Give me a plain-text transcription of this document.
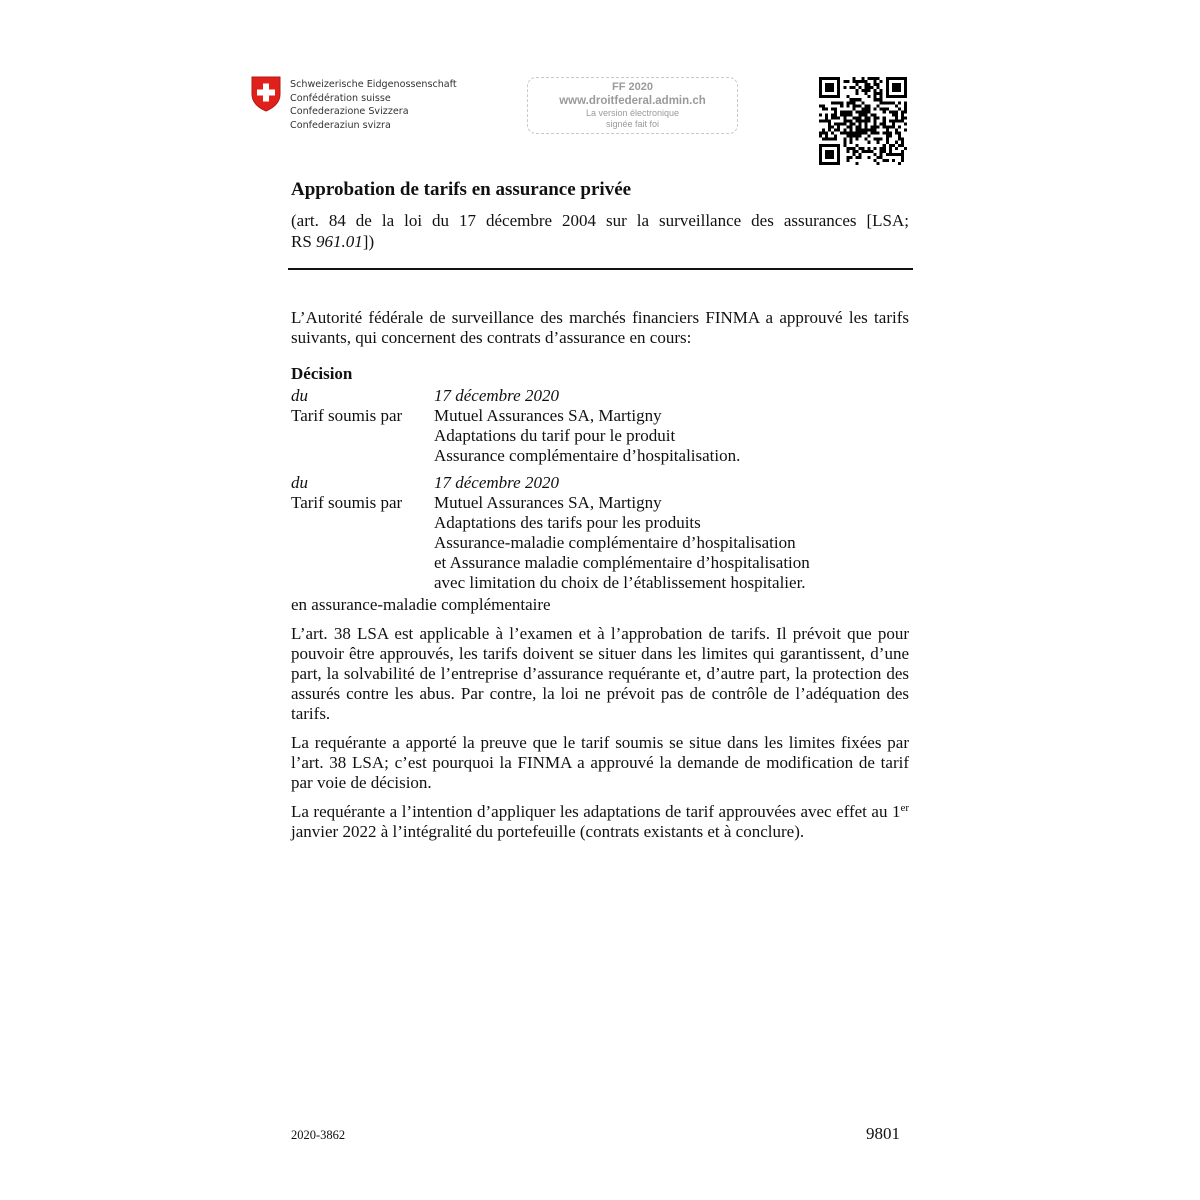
Schweizerische Eidgenossenschaft
Confédération suisse
Confederazione Svizzera
Confederaziun svizra
FF 2020
www.droitfederal.admin.ch
La version électronique
signée fait foi
Approbation de tarifs en assurance privée
(art. 84 de la loi du 17 décembre 2004 sur la surveillance des assurances [LSA;
RS 961.01])

L’Autorité fédérale de surveillance des marchés financiers FINMA a approuvé les tarifs suivants, qui concernent des contrats d’assurance en cours:

Décision
du	17 décembre 2020
Tarif soumis par	Mutuel Assurances SA, Martigny
Adaptations du tarif pour le produit
Assurance complémentaire d’hospitalisation.
du	17 décembre 2020
Tarif soumis par	Mutuel Assurances SA, Martigny
Adaptations des tarifs pour les produits
Assurance-maladie complémentaire d’hospitalisation
et Assurance maladie complémentaire d’hospitalisation
avec limitation du choix de l’établissement hospitalier.
en assurance-maladie complémentaire

L’art. 38 LSA est applicable à l’examen et à l’approbation de tarifs. Il prévoit que pour pouvoir être approuvés, les tarifs doivent se situer dans les limites qui garantissent, d’une part, la solvabilité de l’entreprise d’assurance requérante et, d’autre part, la protection des assurés contre les abus. Par contre, la loi ne prévoit pas de contrôle de l’adéquation des tarifs.

La requérante a apporté la preuve que le tarif soumis se situe dans les limites fixées par l’art. 38 LSA; c’est pourquoi la FINMA a approuvé la demande de modification de tarif par voie de décision.

La requérante a l’intention d’appliquer les adaptations de tarif approuvées avec effet au 1er janvier 2022 à l’intégralité du portefeuille (contrats existants et à conclure).

2020-3862	9801
